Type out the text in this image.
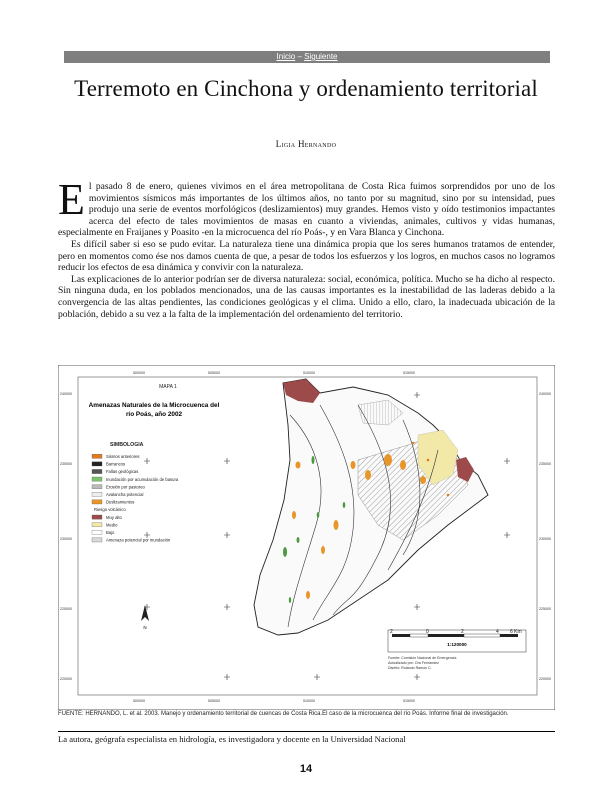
Inicio – Siguiente
Terremoto en Cinchona y ordenamiento territorial
Ligia Hernando

El pasado 8 de enero, quienes vivimos en el área metropolitana de Costa Rica fuimos sorprendidos por uno de los movimientos sísmicos más importantes de los últimos años, no tanto por su magnitud, sino por su intensidad, pues produjo una serie de eventos morfológicos (deslizamientos) muy grandes. Hemos visto y oído testimonios impactantes acerca del efecto de tales movimientos de masas en cuanto a viviendas, animales, cultivos y vidas humanas, especialmente en Fraijanes y Poasito -en la microcuenca del río Poás-, y en Vara Blanca y Cinchona.

Es difícil saber si eso se pudo evitar. La naturaleza tiene una dinámica propia que los seres humanos tratamos de entender, pero en momentos como ése nos damos cuenta de que, a pesar de todos los esfuerzos y los logros, en muchos casos no logramos reducir los efectos de esa dinámica y convivir con la naturaleza.

Las explicaciones de lo anterior podrían ser de diversa naturaleza: social, económica, política. Mucho se ha dicho al respecto. Sin ninguna duda, en los poblados mencionados, una de las causas importantes es la inestabilidad de las laderas debido a la convergencia de las altas pendientes, las condiciones geológicas y el clima. Unido a ello, claro, la inadecuada ubicación de la población, debido a su vez a la falta de la implementación del ordenamiento del territorio.

500000	505000	510000	515000
500000	505000	510000	515000
240000
235000
230000
225000
220000
240000
235000
230000
225000
220000
MAPA 1
Amenazas Naturales de la Microcuenca del
río Poás, año 2002
SIMBOLOGIA
Sismos anteriores
Barrancos
Fallas geológicas
Inundación por acumulación de basura
Erosión por pastoreo
Avalancha potencial
Deslizamientos
Riesgo volcánico
Muy alto
Medio
Bajo
Amenaza potencial por inundación
N
2	0	2	4 6 Km
1:120000
Fuente: Comisión Nacional de Emergencia
Actualizado por: Ora Fernández
Diseño: Rolando Ramos C.
FUENTE: HERNANDO, L. et al. 2003. Manejo y ordenamiento territorial de cuencas de Costa Rica.El caso de la microcuenca del río Poás. Informe final de investigación.
La autora, geógrafa especialista en hidrología, es investigadora y docente en la Universidad Nacional
14
